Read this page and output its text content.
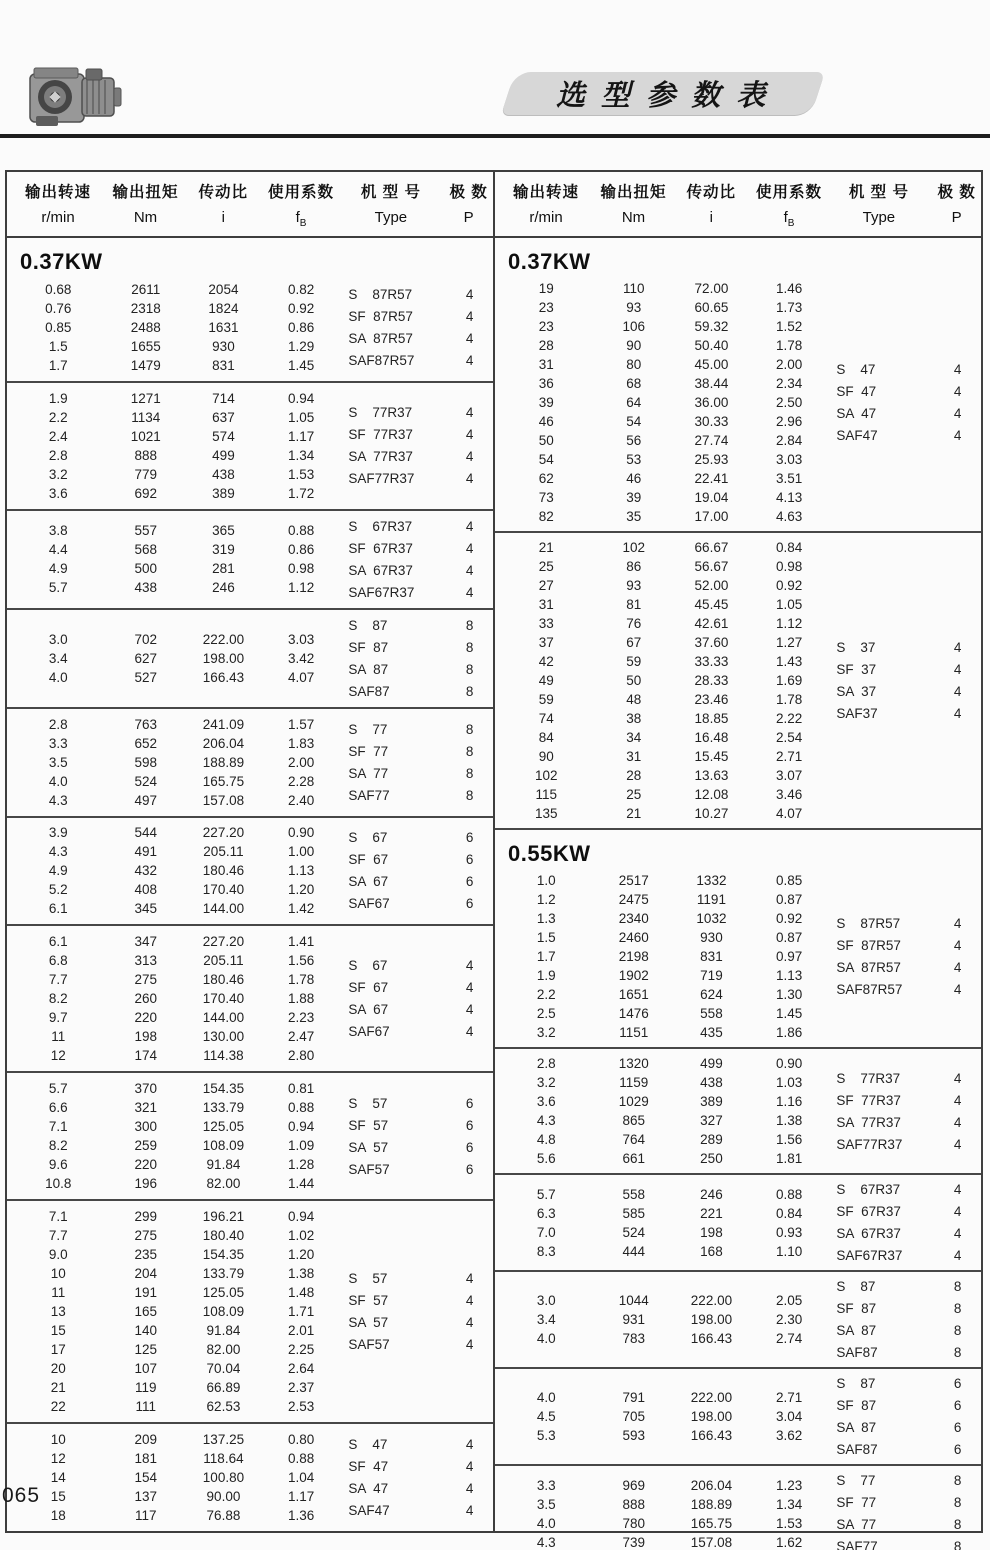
选 型 参 数 表
输出转速	输出扭矩	传动比	使用系数	机 型 号	极 数
r/min	Nm	i	$f_B$	Type	P
0.37KW
0.68	2611	2054	0.82
0.76	2318	1824	0.92
0.85	2488	1631	0.86
1.5	1655	930	1.29
1.7	1479	831	1.45
S    87R57	4
SF  87R57	4
SA  87R57	4
SAF87R57	4
1.9	1271	714	0.94
2.2	1134	637	1.05
2.4	1021	574	1.17
2.8	888	499	1.34
3.2	779	438	1.53
3.6	692	389	1.72
S    77R37	4
SF  77R37	4
SA  77R37	4
SAF77R37	4
3.8	557	365	0.88
4.4	568	319	0.86
4.9	500	281	0.98
5.7	438	246	1.12
S    67R37	4
SF  67R37	4
SA  67R37	4
SAF67R37	4
3.0	702	222.00	3.03
3.4	627	198.00	3.42
4.0	527	166.43	4.07
S    87	8
SF  87	8
SA  87	8
SAF87	8
2.8	763	241.09	1.57
3.3	652	206.04	1.83
3.5	598	188.89	2.00
4.0	524	165.75	2.28
4.3	497	157.08	2.40
S    77	8
SF  77	8
SA  77	8
SAF77	8
3.9	544	227.20	0.90
4.3	491	205.11	1.00
4.9	432	180.46	1.13
5.2	408	170.40	1.20
6.1	345	144.00	1.42
S    67	6
SF  67	6
SA  67	6
SAF67	6
6.1	347	227.20	1.41
6.8	313	205.11	1.56
7.7	275	180.46	1.78
8.2	260	170.40	1.88
9.7	220	144.00	2.23
11	198	130.00	2.47
12	174	114.38	2.80
S    67	4
SF  67	4
SA  67	4
SAF67	4
5.7	370	154.35	0.81
6.6	321	133.79	0.88
7.1	300	125.05	0.94
8.2	259	108.09	1.09
9.6	220	91.84	1.28
10.8	196	82.00	1.44
S    57	6
SF  57	6
SA  57	6
SAF57	6
7.1	299	196.21	0.94
7.7	275	180.40	1.02
9.0	235	154.35	1.20
10	204	133.79	1.38
11	191	125.05	1.48
13	165	108.09	1.71
15	140	91.84	2.01
17	125	82.00	2.25
20	107	70.04	2.64
21	119	66.89	2.37
22	111	62.53	2.53
S    57	4
SF  57	4
SA  57	4
SAF57	4
10	209	137.25	0.80
12	181	118.64	0.88
14	154	100.80	1.04
15	137	90.00	1.17
18	117	76.88	1.36
S    47	4
SF  47	4
SA  47	4
SAF47	4
输出转速	输出扭矩	传动比	使用系数	机 型 号	极 数
r/min	Nm	i	$f_B$	Type	P
0.37KW
19	110	72.00	1.46
23	93	60.65	1.73
23	106	59.32	1.52
28	90	50.40	1.78
31	80	45.00	2.00
36	68	38.44	2.34
39	64	36.00	2.50
46	54	30.33	2.96
50	56	27.74	2.84
54	53	25.93	3.03
62	46	22.41	3.51
73	39	19.04	4.13
82	35	17.00	4.63
S    47	4
SF  47	4
SA  47	4
SAF47	4
21	102	66.67	0.84
25	86	56.67	0.98
27	93	52.00	0.92
31	81	45.45	1.05
33	76	42.61	1.12
37	67	37.60	1.27
42	59	33.33	1.43
49	50	28.33	1.69
59	48	23.46	1.78
74	38	18.85	2.22
84	34	16.48	2.54
90	31	15.45	2.71
102	28	13.63	3.07
115	25	12.08	3.46
135	21	10.27	4.07
S    37	4
SF  37	4
SA  37	4
SAF37	4
0.55KW
1.0	2517	1332	0.85
1.2	2475	1191	0.87
1.3	2340	1032	0.92
1.5	2460	930	0.87
1.7	2198	831	0.97
1.9	1902	719	1.13
2.2	1651	624	1.30
2.5	1476	558	1.45
3.2	1151	435	1.86
S    87R57	4
SF  87R57	4
SA  87R57	4
SAF87R57	4
2.8	1320	499	0.90
3.2	1159	438	1.03
3.6	1029	389	1.16
4.3	865	327	1.38
4.8	764	289	1.56
5.6	661	250	1.81
S    77R37	4
SF  77R37	4
SA  77R37	4
SAF77R37	4
5.7	558	246	0.88
6.3	585	221	0.84
7.0	524	198	0.93
8.3	444	168	1.10
S    67R37	4
SF  67R37	4
SA  67R37	4
SAF67R37	4
3.0	1044	222.00	2.05
3.4	931	198.00	2.30
4.0	783	166.43	2.74
S    87	8
SF  87	8
SA  87	8
SAF87	8
4.0	791	222.00	2.71
4.5	705	198.00	3.04
5.3	593	166.43	3.62
S    87	6
SF  87	6
SA  87	6
SAF87	6
3.3	969	206.04	1.23
3.5	888	188.89	1.34
4.0	780	165.75	1.53
4.3	739	157.08	1.62
S    77	8
SF  77	8
SA  77	8
SAF77	8
065
